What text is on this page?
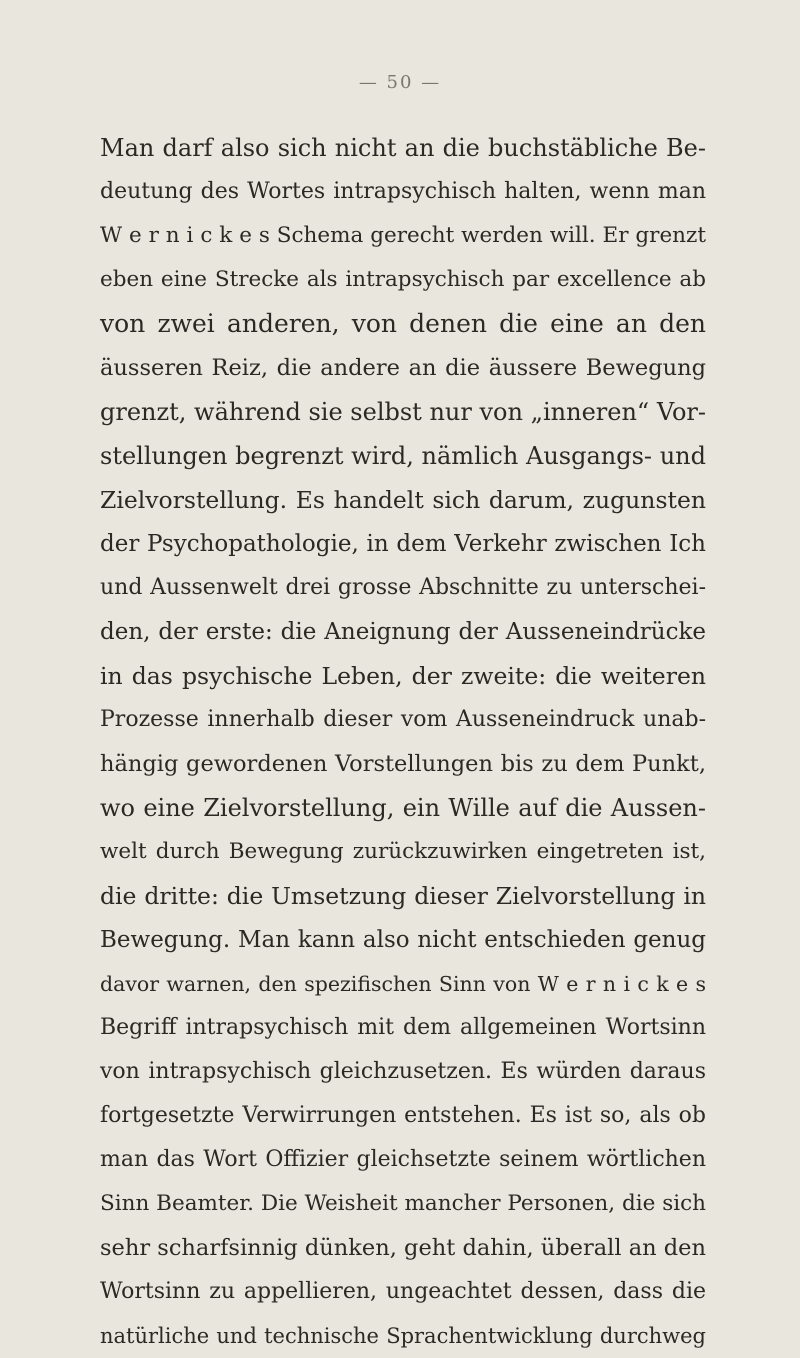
— 50 —
Man darf also sich nicht an die buchstäbliche Be-
deutung des Wortes intrapsychisch halten, wenn man
W e r n i c k e s Schema gerecht werden will. Er grenzt
eben eine Strecke als intrapsychisch par excellence ab
von zwei anderen, von denen die eine an den
äusseren Reiz, die andere an die äussere Bewegung
grenzt, während sie selbst nur von „inneren“ Vor-
stellungen begrenzt wird, nämlich Ausgangs- und
Zielvorstellung. Es handelt sich darum, zugunsten
der Psychopathologie, in dem Verkehr zwischen Ich
und Aussenwelt drei grosse Abschnitte zu unterschei-
den, der erste: die Aneignung der Ausseneindrücke
in das psychische Leben, der zweite: die weiteren
Prozesse innerhalb dieser vom Ausseneindruck unab-
hängig gewordenen Vorstellungen bis zu dem Punkt,
wo eine Zielvorstellung, ein Wille auf die Aussen-
welt durch Bewegung zurückzuwirken eingetreten ist,
die dritte: die Umsetzung dieser Zielvorstellung in
Bewegung. Man kann also nicht entschieden genug
davor warnen, den spezifischen Sinn von W e r n i c k e s
Begriff intrapsychisch mit dem allgemeinen Wortsinn
von intrapsychisch gleichzusetzen. Es würden daraus
fortgesetzte Verwirrungen entstehen. Es ist so, als ob
man das Wort Offizier gleichsetzte seinem wörtlichen
Sinn Beamter. Die Weisheit mancher Personen, die sich
sehr scharfsinnig dünken, geht dahin, überall an den
Wortsinn zu appellieren, ungeachtet dessen, dass die
natürliche und technische Sprachentwicklung durchweg
